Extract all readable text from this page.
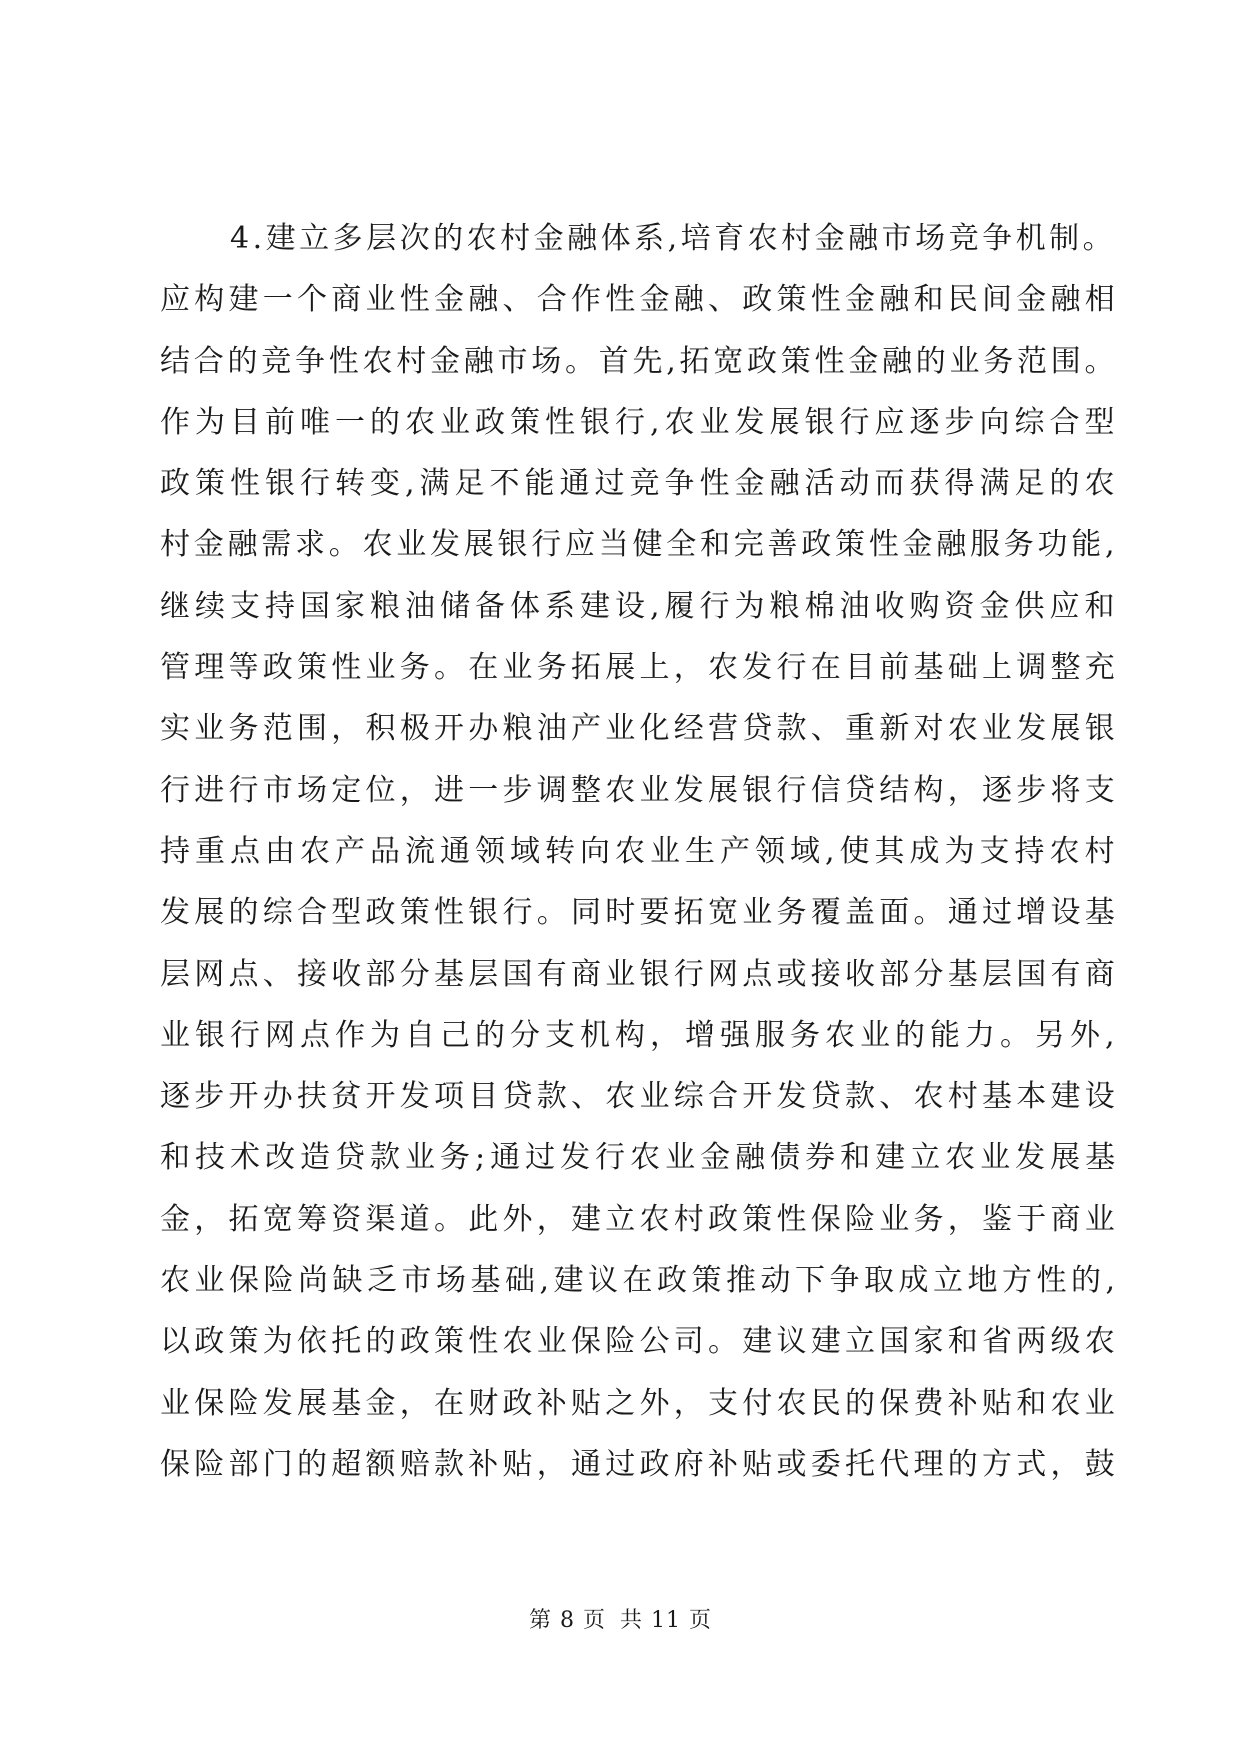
4.建立多层次的农村金融体系,培育农村金融市场竞争机制。
应构建一个商业性金融、合作性金融、政策性金融和民间金融相
结合的竞争性农村金融市场。首先,拓宽政策性金融的业务范围。
作为目前唯一的农业政策性银行,农业发展银行应逐步向综合型
政策性银行转变,满足不能通过竞争性金融活动而获得满足的农
村金融需求。农业发展银行应当健全和完善政策性金融服务功能,
继续支持国家粮油储备体系建设,履行为粮棉油收购资金供应和
管理等政策性业务。在业务拓展上，农发行在目前基础上调整充
实业务范围，积极开办粮油产业化经营贷款、重新对农业发展银
行进行市场定位，进一步调整农业发展银行信贷结构，逐步将支
持重点由农产品流通领域转向农业生产领域,使其成为支持农村
发展的综合型政策性银行。同时要拓宽业务覆盖面。通过增设基
层网点、接收部分基层国有商业银行网点或接收部分基层国有商
业银行网点作为自己的分支机构，增强服务农业的能力。另外,
逐步开办扶贫开发项目贷款、农业综合开发贷款、农村基本建设
和技术改造贷款业务;通过发行农业金融债券和建立农业发展基
金，拓宽筹资渠道。此外，建立农村政策性保险业务，鉴于商业
农业保险尚缺乏市场基础,建议在政策推动下争取成立地方性的,
以政策为依托的政策性农业保险公司。建议建立国家和省两级农
业保险发展基金，在财政补贴之外，支付农民的保费补贴和农业
保险部门的超额赔款补贴，通过政府补贴或委托代理的方式，鼓
第 8 页 共 11 页
